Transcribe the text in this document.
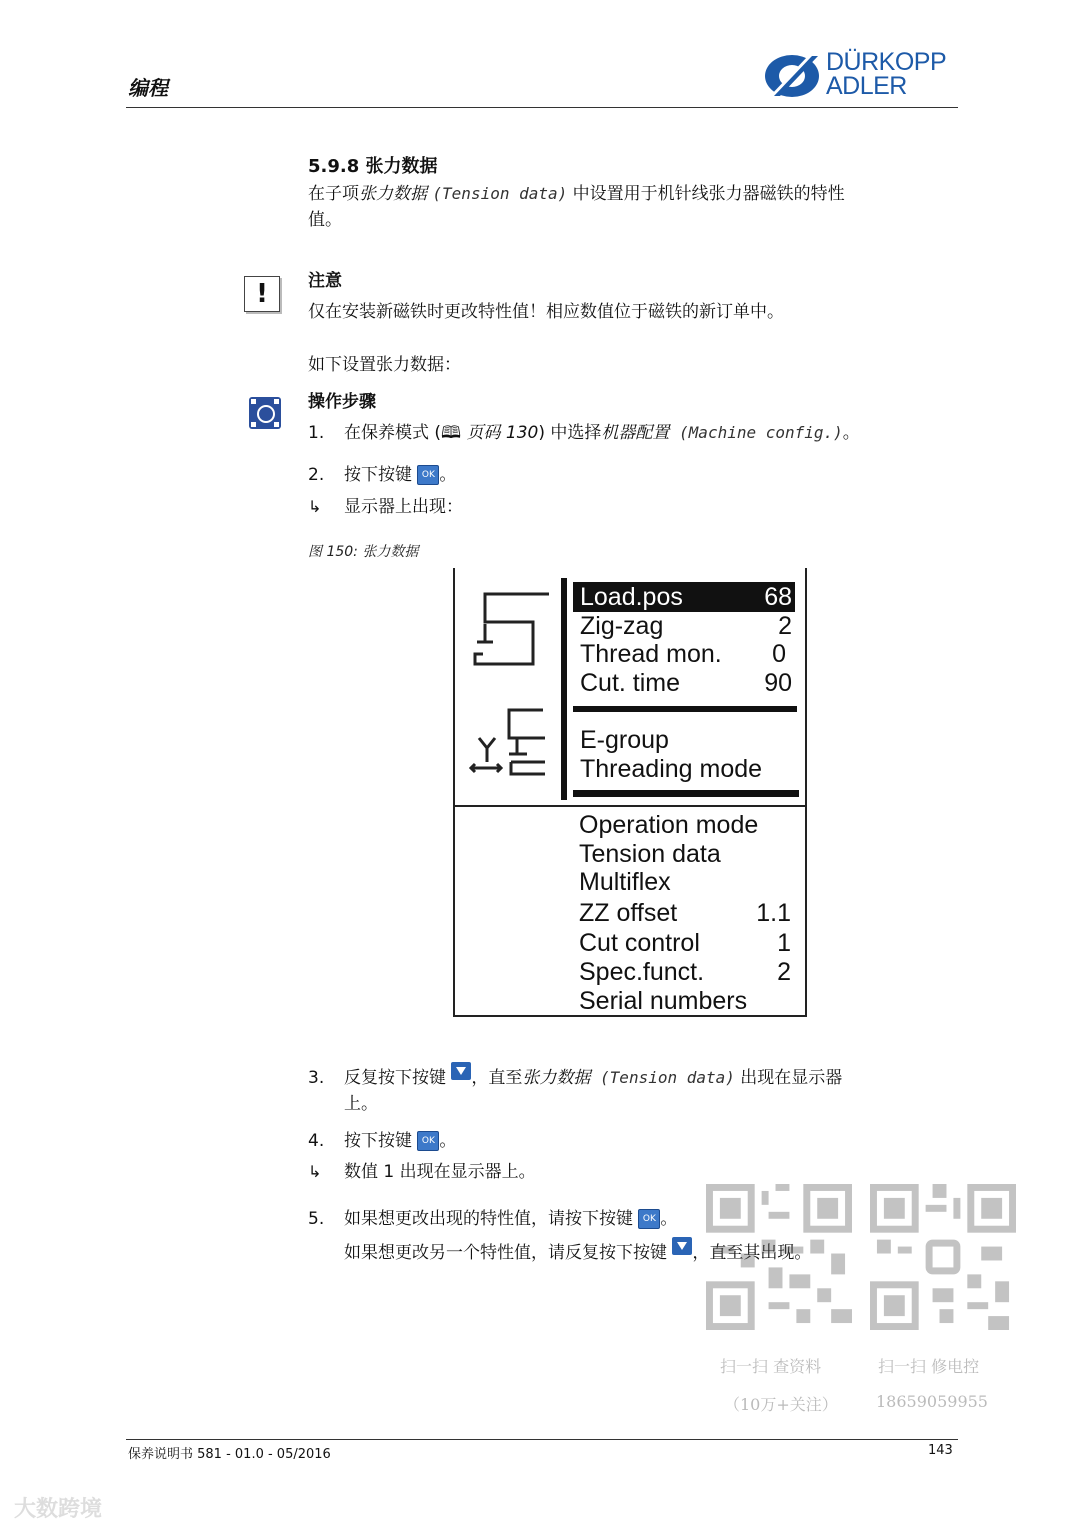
编程
DÜRKOPP
ADLER
5.9.8 张力数据
在子项张力数据 (Tension data) 中设置用于机针线张力器磁铁的特性
值。
!	注意
仅在安装新磁铁时更改特性值！相应数值位于磁铁的新订单中。
如下设置张力数据：
操作步骤
1. 在保养模式 (🕮 页码 130) 中选择机器配置 (Machine config.)。
2. 按下按键 OK 。
↳ 显示器上出现：
图 150: 张力数据
Load.pos	68
Zig-zag	2
Thread mon. 0
Cut. time	90
E-group
Threading mode
Operation mode
Tension data
Multiflex
ZZ offset	1.1
Cut control	1
Spec.funct.	2
Serial numbers
3. 反复按下按键 ，直至张力数据 (Tension data) 出现在显示器
上。
4. 按下按键 OK 。
↳ 数值 1 出现在显示器上。
5. 如果想更改出现的特性值，请按下按键 OK 。
如果想更改另一个特性值，请反复按下按键 ，直至其出现。
扫一扫 查资料
（10万+关注）
扫一扫 修电控
18659059955
保养说明书 581 - 01.0 - 05/2016	143
大数跨境
